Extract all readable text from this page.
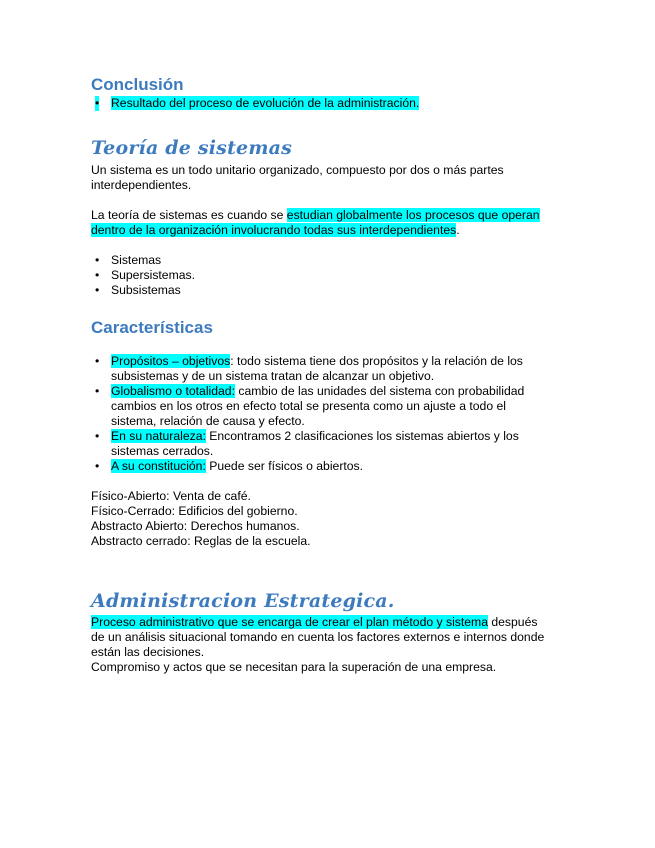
Conclusión
• Resultado del proceso de evolución de la administración.
Teoría de sistemas

Un sistema es un todo unitario organizado, compuesto por dos o más partes
interdependientes.

La teoría de sistemas es cuando se estudian globalmente los procesos que operan
dentro de la organización involucrando todas sus interdependientes.

• Sistemas
• Supersistemas.
• Subsistemas
Características
• Propósitos – objetivos: todo sistema tiene dos propósitos y la relación de los
subsistemas y de un sistema tratan de alcanzar un objetivo.
• Globalismo o totalidad: cambio de las unidades del sistema con probabilidad
cambios en los otros en efecto total se presenta como un ajuste a todo el
sistema, relación de causa y efecto.
• En su naturaleza: Encontramos 2 clasificaciones los sistemas abiertos y los
sistemas cerrados.
• A su constitución: Puede ser físicos o abiertos.

Físico-Abierto: Venta de café.
Físico-Cerrado: Edificios del gobierno.
Abstracto Abierto: Derechos humanos.
Abstracto cerrado: Reglas de la escuela.

Administracion Estrategica.

Proceso administrativo que se encarga de crear el plan método y sistema después
de un análisis situacional tomando en cuenta los factores externos e internos donde
están las decisiones.
Compromiso y actos que se necesitan para la superación de una empresa.
